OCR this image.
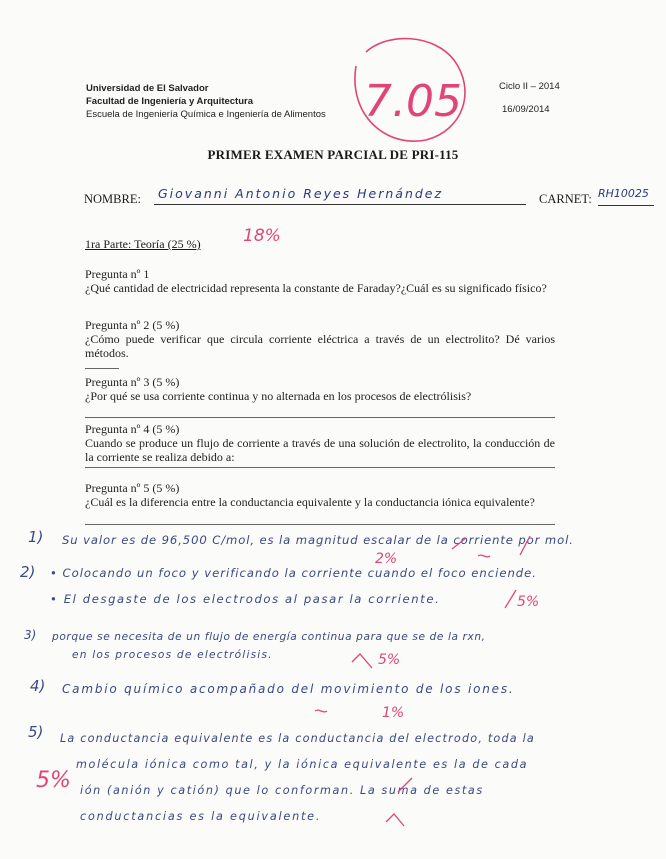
Universidad de El Salvador
Facultad de Ingeniería y Arquitectura
Escuela de Ingeniería Química e Ingeniería de Alimentos
Ciclo II – 2014
16/09/2014
7.05
PRIMER EXAMEN PARCIAL DE PRI-115
NOMBRE:	Giovanni Antonio Reyes Hernández	CARNET: RH10025
1ra Parte: Teoría (25 %) 18%
Pregunta nº 1
¿Qué cantidad de electricidad representa la constante de Faraday?¿Cuál es su significado físico?
Pregunta nº 2 (5 %)
¿Cómo puede verificar que circula corriente eléctrica a través de un electrolito? Dé varios métodos.
Pregunta nº 3 (5 %)
¿Por qué se usa corriente continua y no alternada en los procesos de electrólisis?
Pregunta nº 4 (5 %)
Cuando se produce un flujo de corriente a través de una solución de electrolito, la conducción de la corriente se realiza debido a:
Pregunta nº 5 (5 %)
¿Cuál es la diferencia entre la conductancia equivalente y la conductancia iónica equivalente?
1) Su valor es de 96,500 C/mol, es la magnitud escalar de la corriente por mol.
2%
2) • Colocando un foco y verificando la corriente cuando el foco enciende.
• El desgaste de los electrodos al pasar la corriente.	5%
3) porque se necesita de un flujo de energía continua para que se de la rxn,
en los procesos de electrólisis.	5%
4) Cambio químico acompañado del movimiento de los iones.
1%
5) La conductancia equivalente es la conductancia del electrodo, toda la
molécula iónica como tal, y la iónica equivalente es la de cada
ión (anión y catión) que lo conforman. La suma de estas
conductancias es la equivalente.
5%
